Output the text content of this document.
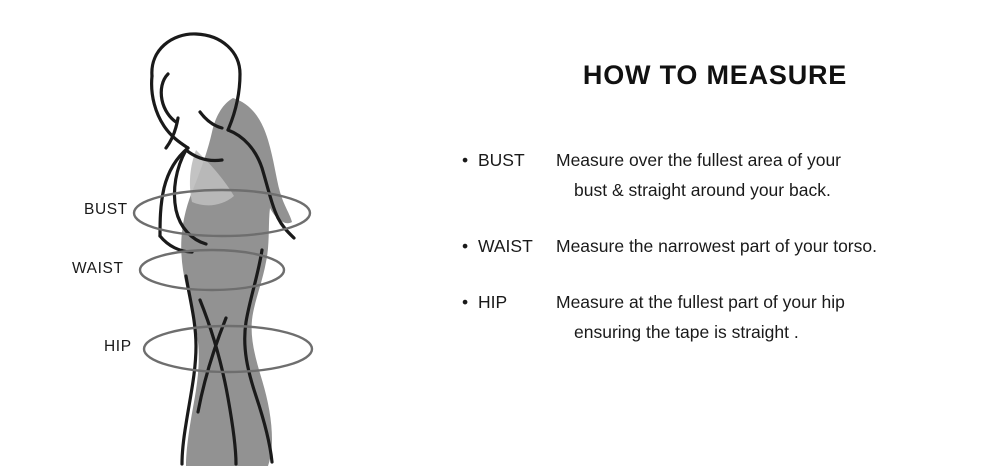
BUST
WAIST
HIP
HOW TO MEASURE
• BUST Measure over the fullest area of your
bust & straight around your back.
• WAIST Measure the narrowest part of your torso.
• HIP	Measure at the fullest part of your hip
ensuring the tape is straight .
